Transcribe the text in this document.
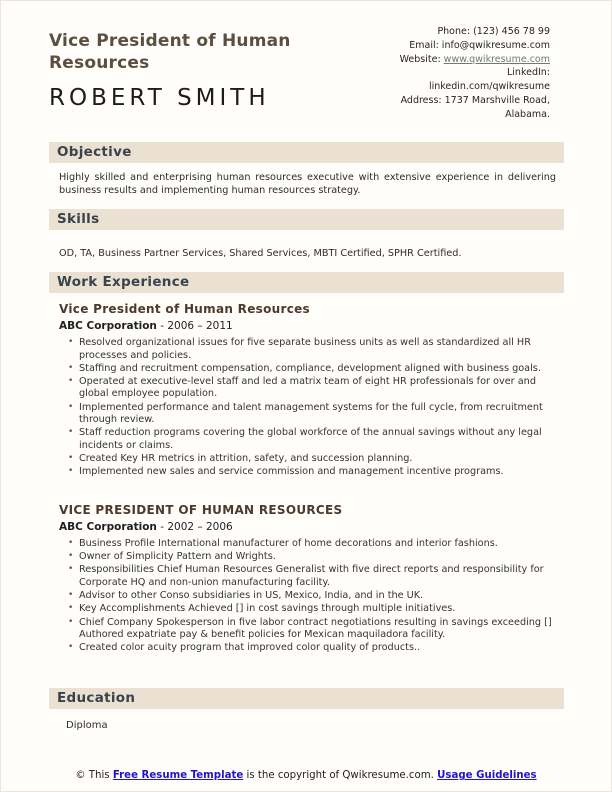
Vice President of Human Resources
ROBERT SMITH
Phone: (123) 456 78 99
Email: info@qwikresume.com
Website: www.qwikresume.com
LinkedIn:
linkedin.com/qwikresume
Address: 1737 Marshville Road,
Alabama.
Objective

Highly skilled and enterprising human resources executive with extensive experience in delivering business results and implementing human resources strategy.

Skills

OD, TA, Business Partner Services, Shared Services, MBTI Certified, SPHR Certified.

Work Experience
Vice President of Human Resources
ABC Corporation - 2006 – 2011
• Resolved organizational issues for five separate business units as well as standardized all HR processes and policies.
• Staffing and recruitment compensation, compliance, development aligned with business goals.
• Operated at executive-level staff and led a matrix team of eight HR professionals for over and global employee population.
• Implemented performance and talent management systems for the full cycle, from recruitment through review.
• Staff reduction programs covering the global workforce of the annual savings without any legal incidents or claims.
• Created Key HR metrics in attrition, safety, and succession planning.
• Implemented new sales and service commission and management incentive programs.
VICE PRESIDENT OF HUMAN RESOURCES
ABC Corporation - 2002 – 2006
• Business Profile International manufacturer of home decorations and interior fashions.
• Owner of Simplicity Pattern and Wrights.
• Responsibilities Chief Human Resources Generalist with five direct reports and responsibility for Corporate HQ and non-union manufacturing facility.
• Advisor to other Conso subsidiaries in US, Mexico, India, and in the UK.
• Key Accomplishments Achieved [] in cost savings through multiple initiatives.
• Chief Company Spokesperson in five labor contract negotiations resulting in savings exceeding [] Authored expatriate pay & benefit policies for Mexican maquiladora facility.
• Created color acuity program that improved color quality of products..
Education
Diploma
© This Free Resume Template is the copyright of Qwikresume.com. Usage Guidelines
